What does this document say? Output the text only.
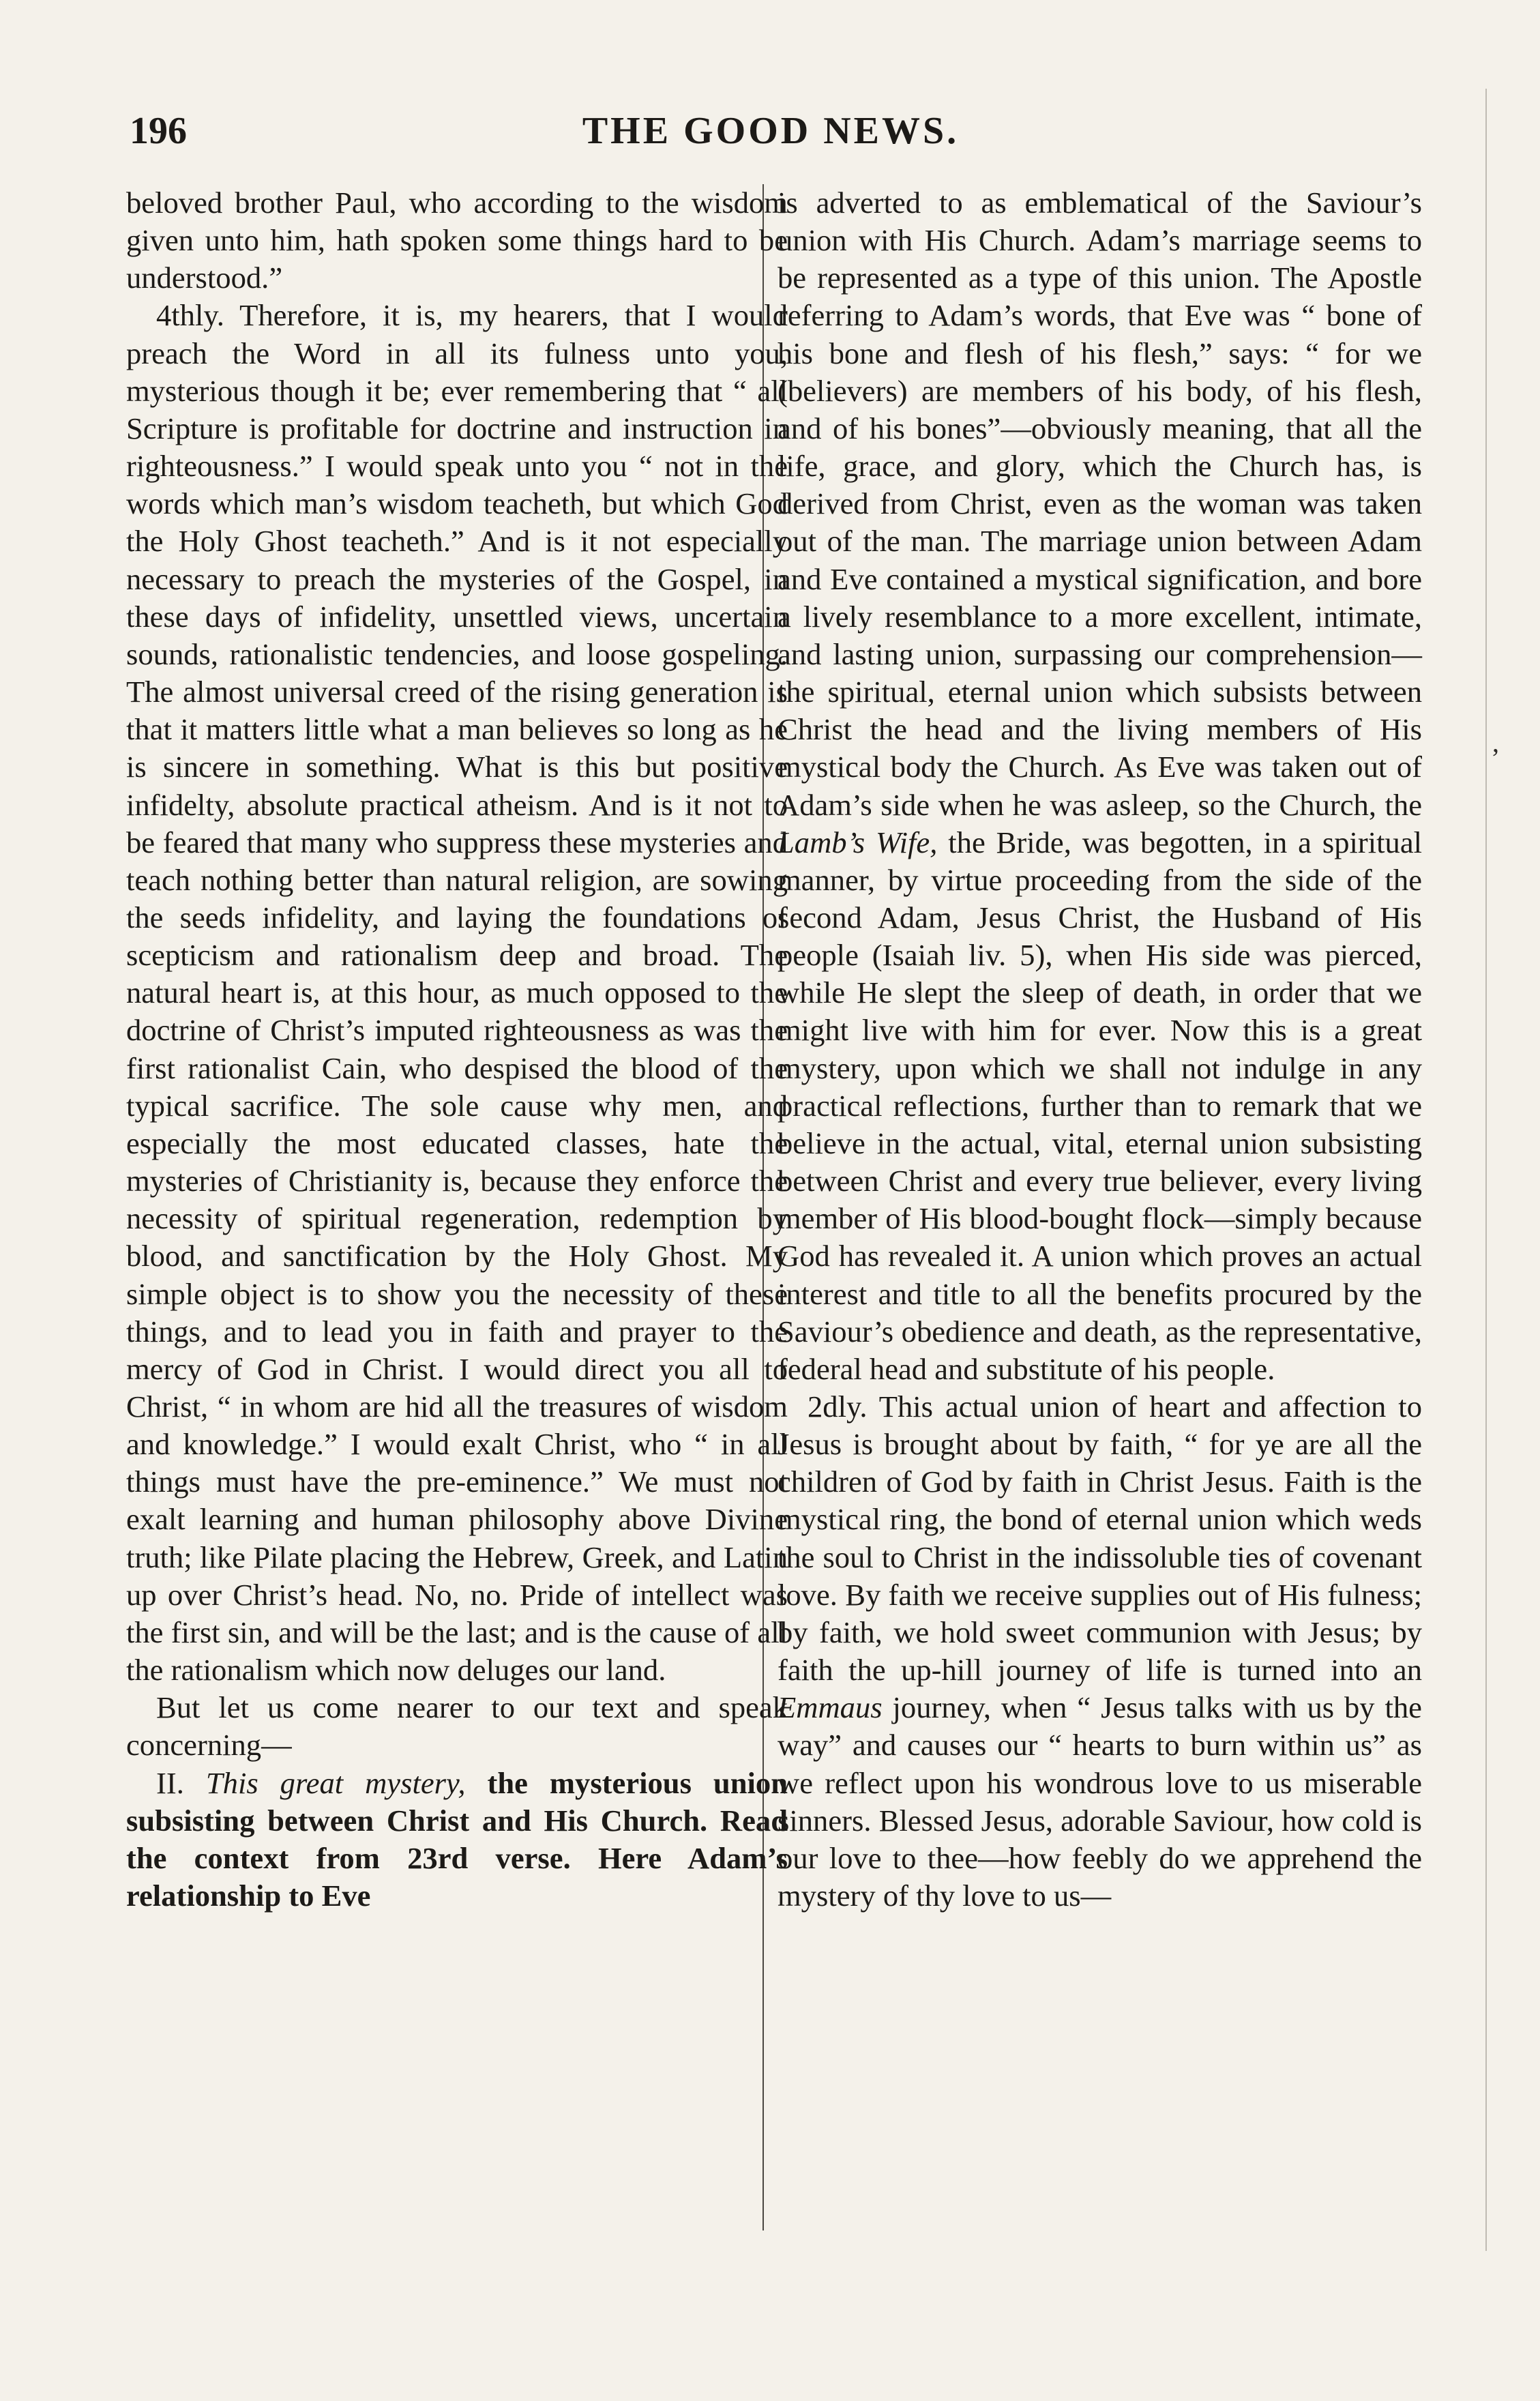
THE GOOD NEWS.
196
,

beloved brother Paul, who according to the wisdom given unto him, hath spoken some things hard to be understood.”

4thly. Therefore, it is, my hearers, that I would preach the Word in all its fulness unto you, mysterious though it be; ever remembering that “ all Scripture is profitable for doctrine and instruction in righteousness.” I would speak unto you “ not in the words which man’s wisdom teacheth, but which God the Holy Ghost teacheth.” And is it not especially necessary to preach the mysteries of the Gospel, in these days of infidelity, unsettled views, uncertain sounds, rationalistic tendencies, and loose gospeling. The almost universal creed of the rising generation is that it matters little what a man believes so long as he is sincere in something. What is this but positive infidelty, absolute practical atheism. And is it not to be feared that many who suppress these mysteries and teach nothing better than natural religion, are sowing the seeds infidelity, and laying the foundations of scepticism and rationalism deep and broad. The natural heart is, at this hour, as much opposed to the doctrine of Christ’s imputed righteousness as was the first rationalist Cain, who despised the blood of the typical sacrifice. The sole cause why men, and especially the most educated classes, hate the mysteries of Christianity is, because they enforce the necessity of spiritual regeneration, redemption by blood, and sanctification by the Holy Ghost. My simple object is to show you the necessity of these things, and to lead you in faith and prayer to the mercy of God in Christ. I would direct you all to Christ, “ in whom are hid all the treasures of wisdom and knowledge.” I would exalt Christ, who “ in all things must have the pre-eminence.” We must not exalt learning and human philosophy above Divine truth; like Pilate placing the Hebrew, Greek, and Latin up over Christ’s head. No, no. Pride of intellect was the first sin, and will be the last; and is the cause of all the rationalism which now deluges our land.

But let us come nearer to our text and speak concerning—

II. This great mystery, the mysterious union subsisting between Christ and His Church. Read the context from 23rd verse. Here Adam’s relationship to Eve

is adverted to as emblematical of the Saviour’s union with His Church. Adam’s marriage seems to be represented as a type of this union. The Apostle referring to Adam’s words, that Eve was “ bone of his bone and flesh of his flesh,” says: “ for we (believers) are members of his body, of his flesh, and of his bones”—obviously meaning, that all the life, grace, and glory, which the Church has, is derived from Christ, even as the woman was taken out of the man. The marriage union between Adam and Eve contained a mystical signification, and bore a lively resemblance to a more excellent, intimate, and lasting union, surpassing our comprehension—the spiritual, eternal union which subsists between Christ the head and the living members of His mystical body the Church. As Eve was taken out of Adam’s side when he was asleep, so the Church, the Lamb’s Wife, the Bride, was begotten, in a spiritual manner, by virtue proceeding from the side of the second Adam, Jesus Christ, the Husband of His people (Isaiah liv. 5), when His side was pierced, while He slept the sleep of death, in order that we might live with him for ever. Now this is a great mystery, upon which we shall not indulge in any practical reflections, further than to remark that we believe in the actual, vital, eternal union subsisting between Christ and every true believer, every living member of His blood-bought flock—simply because God has revealed it. A union which proves an actual interest and title to all the benefits procured by the Saviour’s obedience and death, as the representative, federal head and substitute of his people.

2dly. This actual union of heart and affection to Jesus is brought about by faith, “ for ye are all the children of God by faith in Christ Jesus. Faith is the mystical ring, the bond of eternal union which weds the soul to Christ in the indissoluble ties of covenant love. By faith we receive supplies out of His fulness; by faith, we hold sweet communion with Jesus; by faith the up-hill journey of life is turned into an Emmaus journey, when “ Jesus talks with us by the way” and causes our “ hearts to burn within us” as we reflect upon his wondrous love to us miserable sinners. Blessed Jesus, adorable Saviour, how cold is our love to thee—how feebly do we apprehend the mystery of thy love to us—
